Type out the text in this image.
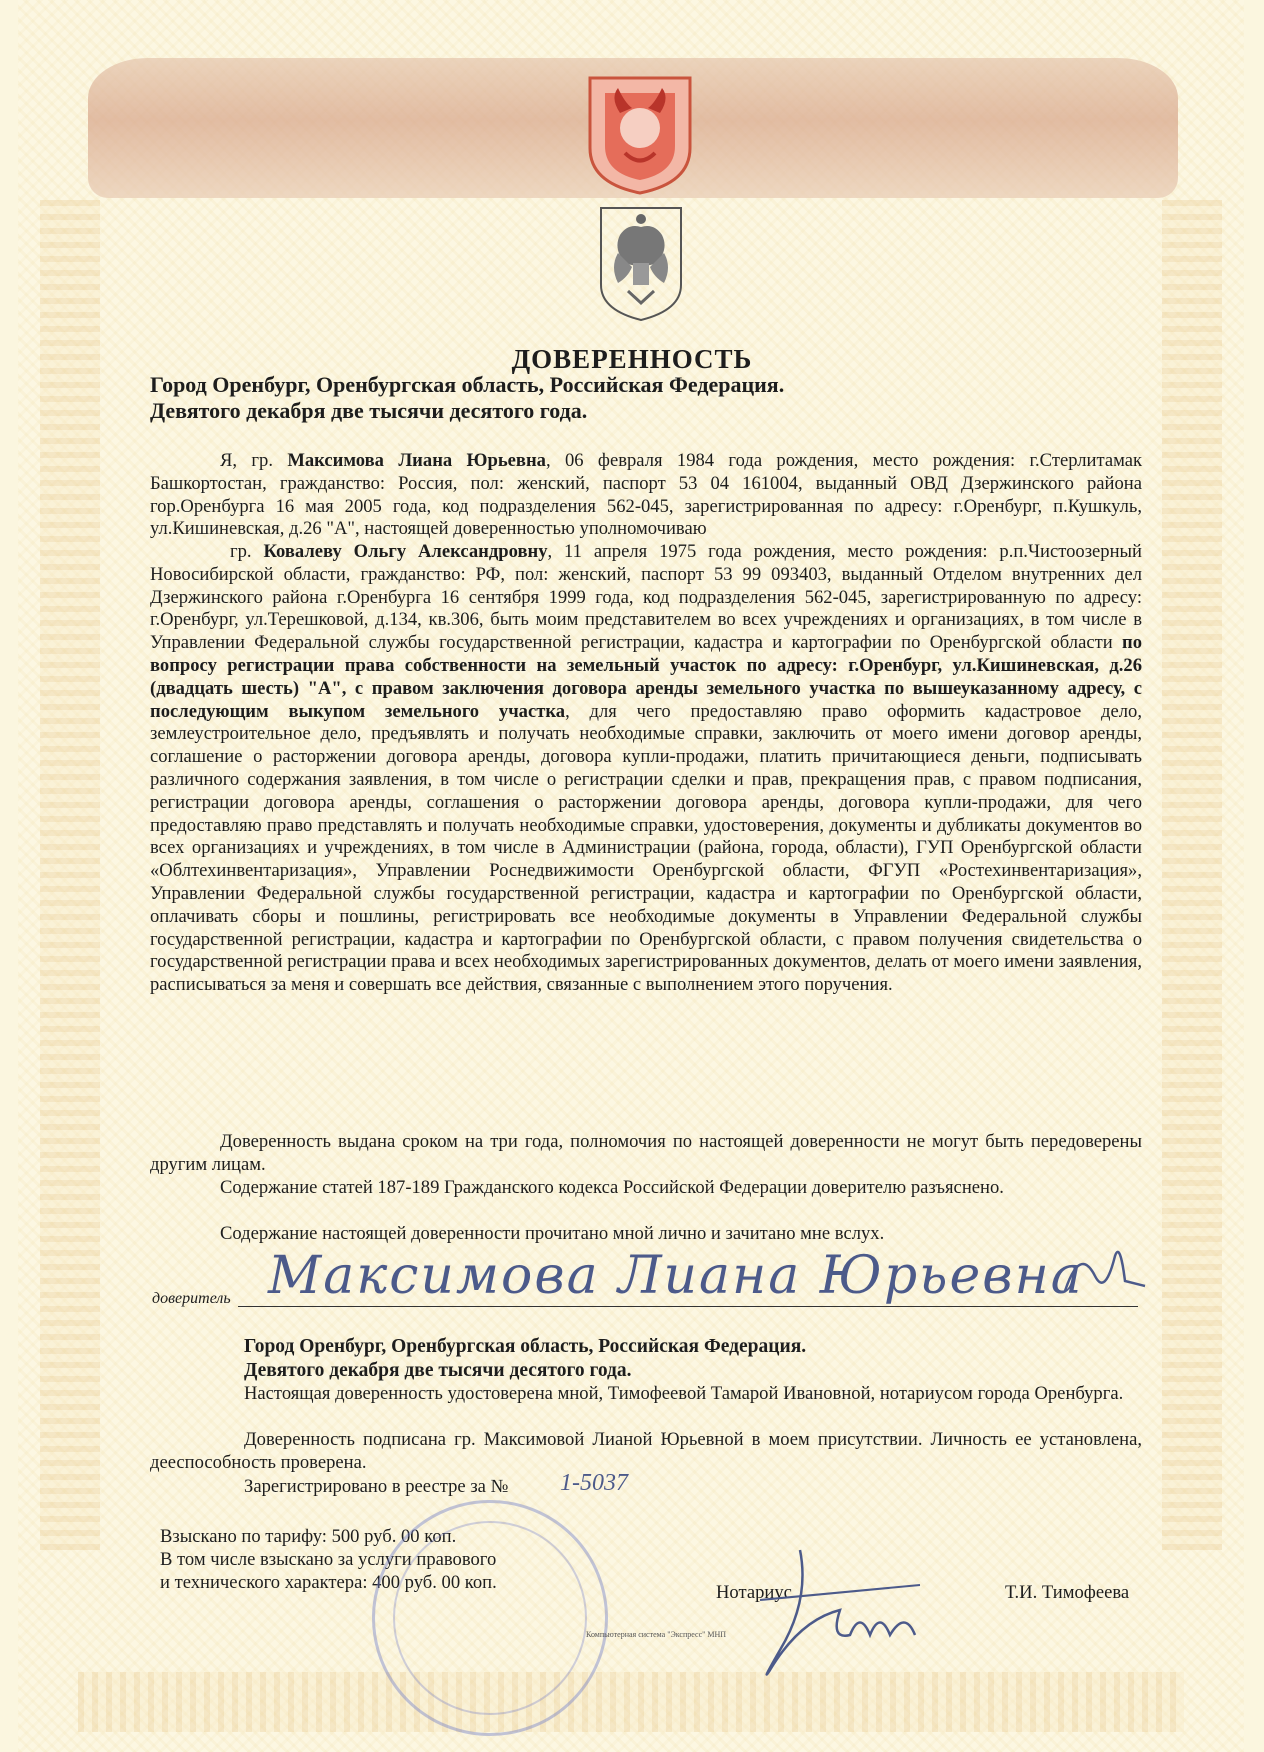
ДОВЕРЕННОСТЬ
Город Оренбург, Оренбургская область, Российская Федерация.
Девятого декабря две тысячи десятого года.

Я, гр. Максимова Лиана Юрьевна, 06 февраля 1984 года рождения, место рождения: г.Стерлитамак Башкортостан, гражданство: Россия, пол: женский, паспорт 53 04 161004, выданный ОВД Дзержинского района гор.Оренбурга 16 мая 2005 года, код подразделения 562-045, зарегистрированная по адресу: г.Оренбург, п.Кушкуль, ул.Кишиневская, д.26 "А", настоящей доверенностью уполномочиваю

гр. Ковалеву Ольгу Александровну, 11 апреля 1975 года рождения, место рождения: р.п.Чистоозерный Новосибирской области, гражданство: РФ, пол: женский, паспорт 53 99 093403, выданный Отделом внутренних дел Дзержинского района г.Оренбурга 16 сентября 1999 года, код подразделения 562-045, зарегистрированную по адресу: г.Оренбург, ул.Терешковой, д.134, кв.306, быть моим представителем во всех учреждениях и организациях, в том числе в Управлении Федеральной службы государственной регистрации, кадастра и картографии по Оренбургской области по вопросу регистрации права собственности на земельный участок по адресу: г.Оренбург, ул.Кишиневская, д.26 (двадцать шесть) "А", с правом заключения договора аренды земельного участка по вышеуказанному адресу, с последующим выкупом земельного участка, для чего предоставляю право оформить кадастровое дело, землеустроительное дело, предъявлять и получать необходимые справки, заключить от моего имени договор аренды, соглашение о расторжении договора аренды, договора купли-продажи, платить причитающиеся деньги, подписывать различного содержания заявления, в том числе о регистрации сделки и прав, прекращения прав, с правом подписания, регистрации договора аренды, соглашения о расторжении договора аренды, договора купли-продажи, для чего предоставляю право представлять и получать необходимые справки, удостоверения, документы и дубликаты документов во всех организациях и учреждениях, в том числе в Администрации (района, города, области), ГУП Оренбургской области «Облтехинвентаризация», Управлении Роснедвижимости Оренбургской области, ФГУП «Ростехинвентаризация», Управлении Федеральной службы государственной регистрации, кадастра и картографии по Оренбургской области, оплачивать сборы и пошлины, регистрировать все необходимые документы в Управлении Федеральной службы государственной регистрации, кадастра и картографии по Оренбургской области, с правом получения свидетельства о государственной регистрации права и всех необходимых зарегистрированных документов, делать от моего имени заявления, расписываться за меня и совершать все действия, связанные с выполнением этого поручения.

Доверенность выдана сроком на три года, полномочия по настоящей доверенности не могут быть передоверены другим лицам.

Содержание статей 187-189 Гражданского кодекса Российской Федерации доверителю разъяснено.

Содержание настоящей доверенности прочитано мной лично и зачитано мне вслух.

доверитель Максимова Лиана Юрьевна
Город Оренбург, Оренбургская область, Российская Федерация.
Девятого декабря две тысячи десятого года.

Настоящая доверенность удостоверена мной, Тимофеевой Тамарой Ивановной, нотариусом города Оренбурга.

Доверенность подписана гр. Максимовой Лианой Юрьевной в моем присутствии. Личность ее установлена, дееспособность проверена.

Зарегистрировано в реестре за № 1-5037
Взыскано по тарифу: 500 руб. 00 коп.
В том числе взыскано за услуги правового
и технического характера: 400 руб. 00 коп.	Нотариус	Т.И. Тимофеева
Компьютерная система "Экспресс" МНП
